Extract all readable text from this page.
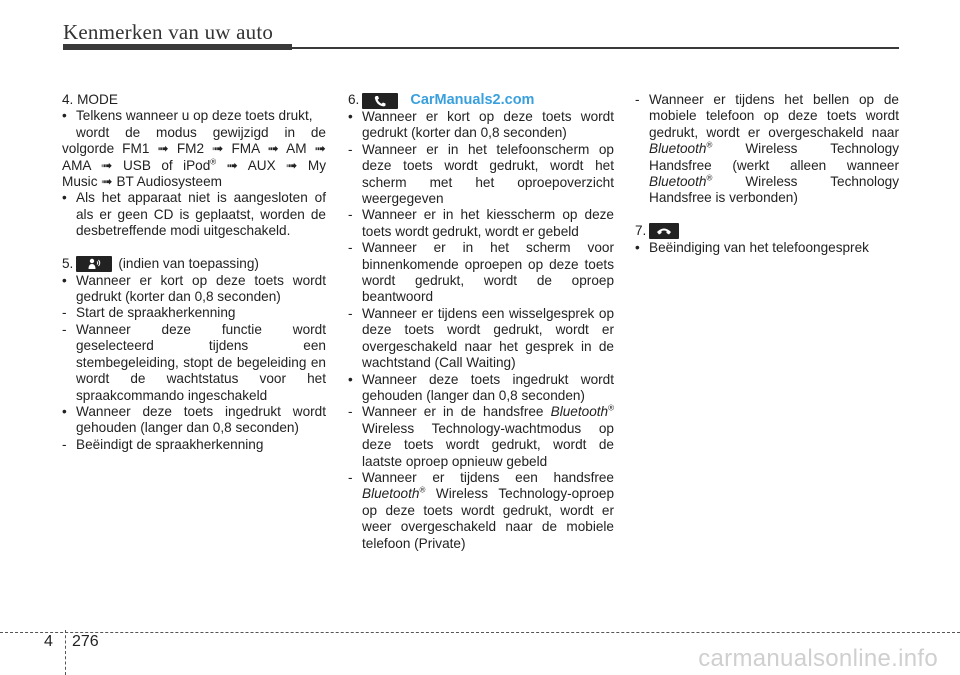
Kenmerken van uw auto

4. MODE

• Telkens wanneer u op deze toets drukt,
wordt de modus gewijzigd in de
volgorde FM1 ➟ FM2 ➟ FMA ➟ AM ➟
AMA ➟ USB of iPod® ➟ AUX ➟ My
Music ➟ BT Audiosysteem
• Als het apparaat niet is aangesloten of als er geen CD is geplaatst, worden de desbetreffende modi uitgeschakeld.
5.	(indien van toepassing)
• Wanneer er kort op deze toets wordt gedrukt (korter dan 0,8 seconden)
- Start de spraakherkenning
- Wanneer deze functie wordt geselecteerd tijdens een stembegeleiding, stopt de begeleiding en wordt de wachtstatus voor het spraakcommando ingeschakeld
• Wanneer deze toets ingedrukt wordt gehouden (langer dan 0,8 seconden)
- Beëindigt de spraakherkenning
6.	CarManuals2.com
• Wanneer er kort op deze toets wordt gedrukt (korter dan 0,8 seconden)
- Wanneer er in het telefoonscherm op deze toets wordt gedrukt, wordt het scherm met het oproepoverzicht weergegeven
- Wanneer er in het kiesscherm op deze toets wordt gedrukt, wordt er gebeld
- Wanneer er in het scherm voor binnenkomende oproepen op deze toets wordt gedrukt, wordt de oproep beantwoord
- Wanneer er tijdens een wisselgesprek op deze toets wordt gedrukt, wordt er overgeschakeld naar het gesprek in de wachtstand (Call Waiting)
• Wanneer deze toets ingedrukt wordt gehouden (langer dan 0,8 seconden)
- Wanneer er in de handsfree Bluetooth® Wireless Technology-wachtmodus op deze toets wordt gedrukt, wordt de laatste oproep opnieuw gebeld
- Wanneer er tijdens een handsfree Bluetooth® Wireless Technology-oproep op deze toets wordt gedrukt, wordt er weer overgeschakeld naar de mobiele telefoon (Private)
- Wanneer er tijdens het bellen op de mobiele telefoon op deze toets wordt gedrukt, wordt er overgeschakeld naar Bluetooth® Wireless Technology Handsfree (werkt alleen wanneer Bluetooth® Wireless Technology Handsfree is verbonden)
7.
• Beëindiging van het telefoongesprek
4 276
carmanualsonline.info
